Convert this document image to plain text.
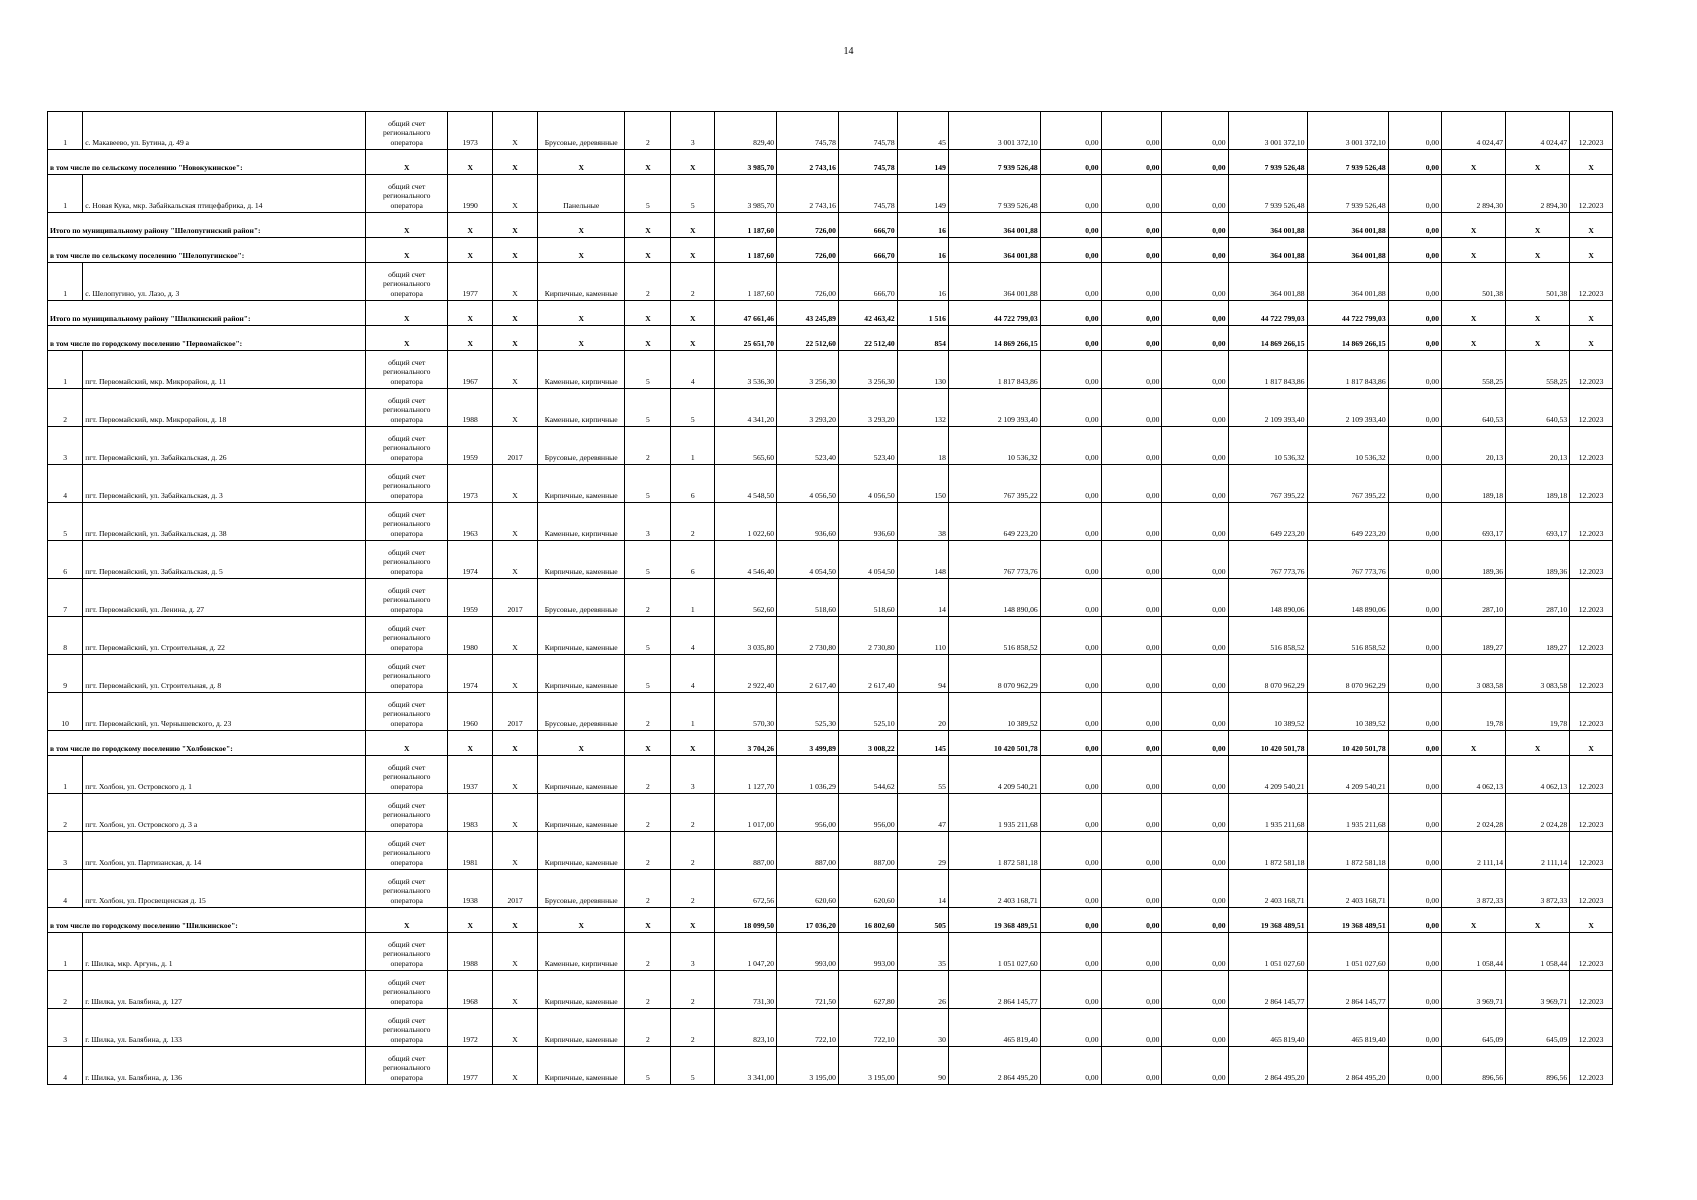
14
1	с. Макавеево, ул. Бутина, д. 49 а	общий счет регионального оператора	1973	X	Брусовые, деревянные	2	3	829,40	745,78	745,78	45	3 001 372,10	0,00	0,00	0,00	3 001 372,10	3 001 372,10	0,00	4 024,47	4 024,47	12.2023
в том числе по сельскому поселению "Новокукинское":		X	X	X	X	X	X	3 985,70	2 743,16	745,78	149	7 939 526,48	0,00	0,00	0,00	7 939 526,48	7 939 526,48	0,00	X	X	X
1	с. Новая Кука, мкр. Забайкальская птицефабрика, д. 14	общий счет регионального оператора	1990	X	Панельные	5	5	3 985,70	2 743,16	745,78	149	7 939 526,48	0,00	0,00	0,00	7 939 526,48	7 939 526,48	0,00	2 894,30	2 894,30	12.2023
Итого по муниципальному району "Шелопугинский район":		X	X	X	X	X	X	1 187,60	726,00	666,70	16	364 001,88	0,00	0,00	0,00	364 001,88	364 001,88	0,00	X	X	X
в том числе по сельскому поселению "Шелопугинское":		X	X	X	X	X	X	1 187,60	726,00	666,70	16	364 001,88	0,00	0,00	0,00	364 001,88	364 001,88	0,00	X	X	X
1	с. Шелопугино, ул. Лазо, д. 3	общий счет регионального оператора	1977	X	Кирпичные, каменные	2	2	1 187,60	726,00	666,70	16	364 001,88	0,00	0,00	0,00	364 001,88	364 001,88	0,00	501,38	501,38	12.2023
Итого по муниципальному району "Шилкинский район":		X	X	X	X	X	X	47 661,46	43 245,89	42 463,42	1 516	44 722 799,03	0,00	0,00	0,00	44 722 799,03	44 722 799,03	0,00	X	X	X
в том числе по городскому поселению "Первомайское":		X	X	X	X	X	X	25 651,70	22 512,60	22 512,40	854	14 869 266,15	0,00	0,00	0,00	14 869 266,15	14 869 266,15	0,00	X	X	X
1	пгт. Первомайский, мкр. Микрорайон, д. 11	общий счет регионального оператора	1967	X	Каменные, кирпичные	5	4	3 536,30	3 256,30	3 256,30	130	1 817 843,86	0,00	0,00	0,00	1 817 843,86	1 817 843,86	0,00	558,25	558,25	12.2023
2	пгт. Первомайский, мкр. Микрорайон, д. 18	общий счет регионального оператора	1988	X	Каменные, кирпичные	5	5	4 341,20	3 293,20	3 293,20	132	2 109 393,40	0,00	0,00	0,00	2 109 393,40	2 109 393,40	0,00	640,53	640,53	12.2023
3	пгт. Первомайский, ул. Забайкальская, д. 26	общий счет регионального оператора	1959	2017	Брусовые, деревянные	2	1	565,60	523,40	523,40	18	10 536,32	0,00	0,00	0,00	10 536,32	10 536,32	0,00	20,13	20,13	12.2023
4	пгт. Первомайский, ул. Забайкальская, д. 3	общий счет регионального оператора	1973	X	Кирпичные, каменные	5	6	4 548,50	4 056,50	4 056,50	150	767 395,22	0,00	0,00	0,00	767 395,22	767 395,22	0,00	189,18	189,18	12.2023
5	пгт. Первомайский, ул. Забайкальская, д. 38	общий счет регионального оператора	1963	X	Каменные, кирпичные	3	2	1 022,60	936,60	936,60	38	649 223,20	0,00	0,00	0,00	649 223,20	649 223,20	0,00	693,17	693,17	12.2023
6	пгт. Первомайский, ул. Забайкальская, д. 5	общий счет регионального оператора	1974	X	Кирпичные, каменные	5	6	4 546,40	4 054,50	4 054,50	148	767 773,76	0,00	0,00	0,00	767 773,76	767 773,76	0,00	189,36	189,36	12.2023
7	пгт. Первомайский, ул. Ленина, д. 27	общий счет регионального оператора	1959	2017	Брусовые, деревянные	2	1	562,60	518,60	518,60	14	148 890,06	0,00	0,00	0,00	148 890,06	148 890,06	0,00	287,10	287,10	12.2023
8	пгт. Первомайский, ул. Строительная, д. 22	общий счет регионального оператора	1980	X	Кирпичные, каменные	5	4	3 035,80	2 730,80	2 730,80	110	516 858,52	0,00	0,00	0,00	516 858,52	516 858,52	0,00	189,27	189,27	12.2023
9	пгт. Первомайский, ул. Строительная, д. 8	общий счет регионального оператора	1974	X	Кирпичные, каменные	5	4	2 922,40	2 617,40	2 617,40	94	8 070 962,29	0,00	0,00	0,00	8 070 962,29	8 070 962,29	0,00	3 083,58	3 083,58	12.2023
10	пгт. Первомайский, ул. Чернышевского, д. 23	общий счет регионального оператора	1960	2017	Брусовые, деревянные	2	1	570,30	525,30	525,10	20	10 389,52	0,00	0,00	0,00	10 389,52	10 389,52	0,00	19,78	19,78	12.2023
в том числе по городскому поселению "Холбонское":		X	X	X	X	X	X	3 704,26	3 499,89	3 008,22	145	10 420 501,78	0,00	0,00	0,00	10 420 501,78	10 420 501,78	0,00	X	X	X
1	пгт. Холбон, ул. Островского д. 1	общий счет регионального оператора	1937	X	Кирпичные, каменные	2	3	1 127,70	1 036,29	544,62	55	4 209 540,21	0,00	0,00	0,00	4 209 540,21	4 209 540,21	0,00	4 062,13	4 062,13	12.2023
2	пгт. Холбон, ул. Островского д. 3 а	общий счет регионального оператора	1983	X	Кирпичные, каменные	2	2	1 017,00	956,00	956,00	47	1 935 211,68	0,00	0,00	0,00	1 935 211,68	1 935 211,68	0,00	2 024,28	2 024,28	12.2023
3	пгт. Холбон, ул. Партизанская, д. 14	общий счет регионального оператора	1981	X	Кирпичные, каменные	2	2	887,00	887,00	887,00	29	1 872 581,18	0,00	0,00	0,00	1 872 581,18	1 872 581,18	0,00	2 111,14	2 111,14	12.2023
4	пгт. Холбон, ул. Просвещенская д. 15	общий счет регионального оператора	1938	2017	Брусовые, деревянные	2	2	672,56	620,60	620,60	14	2 403 168,71	0,00	0,00	0,00	2 403 168,71	2 403 168,71	0,00	3 872,33	3 872,33	12.2023
в том числе по городскому поселению "Шилкинское":		X	X	X	X	X	X	18 099,50	17 036,20	16 802,60	505	19 368 489,51	0,00	0,00	0,00	19 368 489,51	19 368 489,51	0,00	X	X	X
1	г. Шилка, мкр. Аргунь, д. 1	общий счет регионального оператора	1988	X	Каменные, кирпичные	2	3	1 047,20	993,00	993,00	35	1 051 027,60	0,00	0,00	0,00	1 051 027,60	1 051 027,60	0,00	1 058,44	1 058,44	12.2023
2	г. Шилка, ул. Балябина, д. 127	общий счет регионального оператора	1968	X	Кирпичные, каменные	2	2	731,30	721,50	627,80	26	2 864 145,77	0,00	0,00	0,00	2 864 145,77	2 864 145,77	0,00	3 969,71	3 969,71	12.2023
3	г. Шилка, ул. Балябина, д. 133	общий счет регионального оператора	1972	X	Кирпичные, каменные	2	2	823,10	722,10	722,10	30	465 819,40	0,00	0,00	0,00	465 819,40	465 819,40	0,00	645,09	645,09	12.2023
4	г. Шилка, ул. Балябина, д. 136	общий счет регионального оператора	1977	X	Кирпичные, каменные	5	5	3 341,00	3 195,00	3 195,00	90	2 864 495,20	0,00	0,00	0,00	2 864 495,20	2 864 495,20	0,00	896,56	896,56	12.2023
